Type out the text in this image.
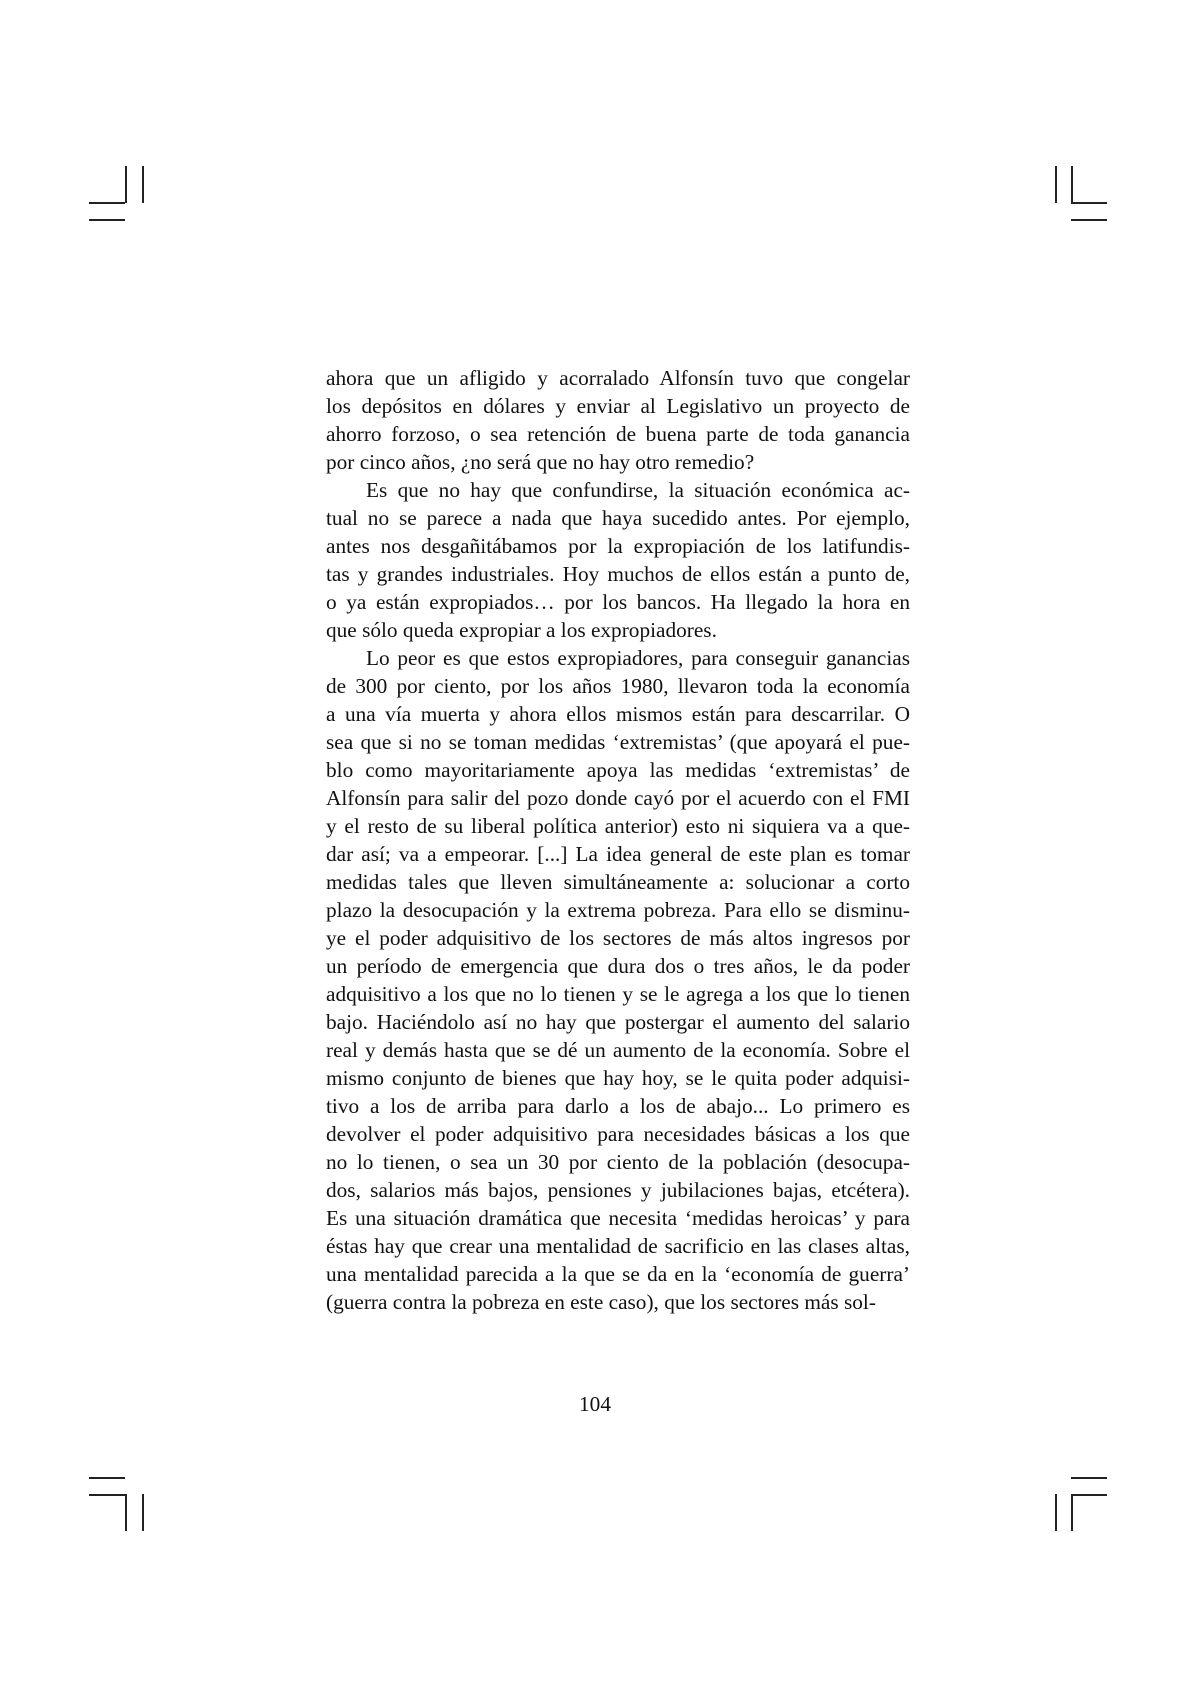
ahora que un afligido y acorralado Alfonsín tuvo que congelar
los depósitos en dólares y enviar al Legislativo un proyecto de
ahorro forzoso, o sea retención de buena parte de toda ganancia
por cinco años, ¿no será que no hay otro remedio?
Es que no hay que confundirse, la situación económica ac-
tual no se parece a nada que haya sucedido antes. Por ejemplo,
antes nos desgañitábamos por la expropiación de los latifundis-
tas y grandes industriales. Hoy muchos de ellos están a punto de,
o ya están expropiados… por los bancos. Ha llegado la hora en
que sólo queda expropiar a los expropiadores.
Lo peor es que estos expropiadores, para conseguir ganancias
de 300 por ciento, por los años 1980, llevaron toda la economía
a una vía muerta y ahora ellos mismos están para descarrilar. O
sea que si no se toman medidas ‘extremistas’ (que apoyará el pue-
blo como mayoritariamente apoya las medidas ‘extremistas’ de
Alfonsín para salir del pozo donde cayó por el acuerdo con el FMI
y el resto de su liberal política anterior) esto ni siquiera va a que-
dar así; va a empeorar. [...] La idea general de este plan es tomar
medidas tales que lleven simultáneamente a: solucionar a corto
plazo la desocupación y la extrema pobreza. Para ello se disminu-
ye el poder adquisitivo de los sectores de más altos ingresos por
un período de emergencia que dura dos o tres años, le da poder
adquisitivo a los que no lo tienen y se le agrega a los que lo tienen
bajo. Haciéndolo así no hay que postergar el aumento del salario
real y demás hasta que se dé un aumento de la economía. Sobre el
mismo conjunto de bienes que hay hoy, se le quita poder adquisi-
tivo a los de arriba para darlo a los de abajo... Lo primero es
devolver el poder adquisitivo para necesidades básicas a los que
no lo tienen, o sea un 30 por ciento de la población (desocupa-
dos, salarios más bajos, pensiones y jubilaciones bajas, etcétera).
Es una situación dramática que necesita ‘medidas heroicas’ y para
éstas hay que crear una mentalidad de sacrificio en las clases altas,
una mentalidad parecida a la que se da en la ‘economía de guerra’
(guerra contra la pobreza en este caso), que los sectores más sol-
104
